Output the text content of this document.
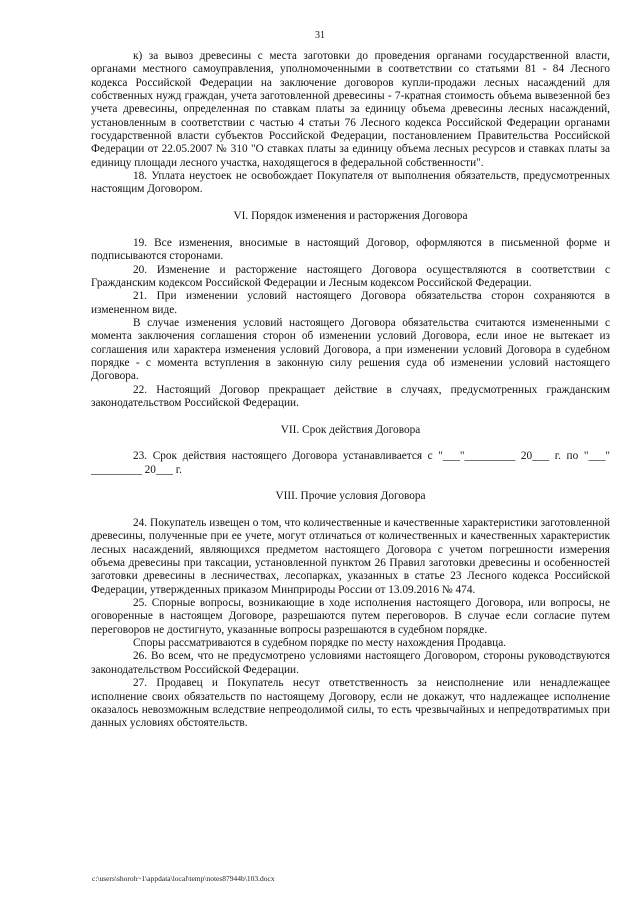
31

к) за вывоз древесины с места заготовки до проведения органами государственной власти, органами местного самоуправления, уполномоченными в соответствии со статьями 81 - 84 Лесного кодекса Российской Федерации на заключение договоров купли-продажи лесных насаждений для собственных нужд граждан, учета заготовленной древесины - 7-кратная стоимость объема вывезенной без учета древесины, определенная по ставкам платы за единицу объема древесины лесных насаждений, установленным в соответствии с частью 4 статьи 76 Лесного кодекса Российской Федерации органами государственной власти субъектов Российской Федерации, постановлением Правительства Российской Федерации от 22.05.2007 № 310 "О ставках платы за единицу объема лесных ресурсов и ставках платы за единицу площади лесного участка, находящегося в федеральной собственности".

18. Уплата неустоек не освобождает Покупателя от выполнения обязательств, предусмотренных настоящим Договором.

VI. Порядок изменения и расторжения Договора

19. Все изменения, вносимые в настоящий Договор, оформляются в письменной форме и подписываются сторонами.

20. Изменение и расторжение настоящего Договора осуществляются в соответствии с Гражданским кодексом Российской Федерации и Лесным кодексом Российской Федерации.

21. При изменении условий настоящего Договора обязательства сторон сохраняются в измененном виде.

В случае изменения условий настоящего Договора обязательства считаются измененными с момента заключения соглашения сторон об изменении условий Договора, если иное не вытекает из соглашения или характера изменения условий Договора, а при изменении условий Договора в судебном порядке - с момента вступления в законную силу решения суда об изменении условий настоящего Договора.

22. Настоящий Договор прекращает действие в случаях, предусмотренных гражданским законодательством Российской Федерации.

VII. Срок действия Договора

23. Срок действия настоящего Договора устанавливается с "___"_________ 20___ г. по "___" _________ 20___ г.

VIII. Прочие условия Договора

24. Покупатель извещен о том, что количественные и качественные характеристики заготовленной древесины, полученные при ее учете, могут отличаться от количественных и качественных характеристик лесных насаждений, являющихся предметом настоящего Договора с учетом погрешности измерения объема древесины при таксации, установленной пунктом 26 Правил заготовки древесины и особенностей заготовки древесины в лесничествах, лесопарках, указанных в статье 23 Лесного кодекса Российской Федерации, утвержденных приказом Минприроды России от 13.09.2016 № 474.

25. Спорные вопросы, возникающие в ходе исполнения настоящего Договора, или вопросы, не оговоренные в настоящем Договоре, разрешаются путем переговоров. В случае если согласие путем переговоров не достигнуто, указанные вопросы разрешаются в судебном порядке.

Споры рассматриваются в судебном порядке по месту нахождения Продавца.

26. Во всем, что не предусмотрено условиями настоящего Договором, стороны руководствуются законодательством Российской Федерации.

27. Продавец и Покупатель несут ответственность за неисполнение или ненадлежащее исполнение своих обязательств по настоящему Договору, если не докажут, что надлежащее исполнение оказалось невозможным вследствие непреодолимой силы, то есть чрезвычайных и непредотвратимых при данных условиях обстоятельств.

c:\users\shoroh~1\appdata\local\temp\notes87944b\103.docx
